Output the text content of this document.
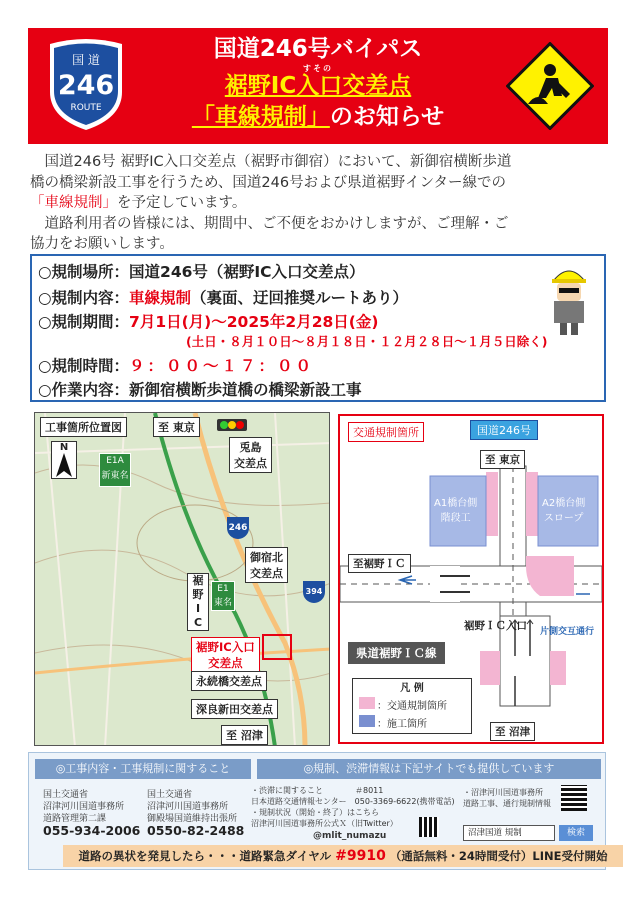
国 道
246
ROUTE
国道246号バイパス
すその
裾野IC入口交差点
「車線規制」のお知らせ

国道246号 裾野IC入口交差点（裾野市御宿）において、新御宿横断歩道

橋の橋梁新設工事を行うため、国道246号および県道裾野インター線での

「車線規制」を予定しています。

道路利用者の皆様には、期間中、ご不便をおかけしますが、ご理解・ご

協力をお願いします。

○規制場所：国道246号（裾野IC入口交差点）
○規制内容：車線規制（裏面、迂回推奨ルートあり）
○規制期間：7月1日(月)〜2025年2月28日(金)
(土日・８月１０日〜８月１８日・１２月２８日〜１月５日除く)
○規制時間：９：００〜１７：００
○作業内容：新御宿横断歩道橋の橋梁新設工事
工事箇所位置図	至 東京
N
E1A
新東名
兎島
交差点
246
御宿北
交差点
394
裾
野
I
C
E1
東名
裾野IC入口
交差点
永続橋交差点
深良新田交差点
至 沼津
交通規制箇所	国道246号
至 東京
A1橋台側
階段工
A2橋台側
スロープ
至裾野ＩＣ
裾野ＩＣ入口 片側交互通行
県道裾野ＩＣ線
凡 例
：交通規制箇所
：施工箇所
至 沼津
◎工事内容・工事規制に関すること	◎規制、渋滞情報は下記サイトでも提供しています
国土交通省
沼津河川国道事務所
道路管理第二課
055-934-2006
国土交通省
沼津河川国道事務所
御殿場国道維持出張所
0550-82-2488
・渋滞に関すること　　　　＃8011
日本道路交通情報センター　050-3369-6622(携帯電話)
・規制状況（開始・終了）はこちら
沼津河川国道事務所公式Ｘ（旧Twitter）
@mlit_numazu
・沼津河川国道事務所
道路工事、通行規制情報
沼津国道 規制	検索
道路の異状を発見したら・・・道路緊急ダイヤル #9910 （通話無料・24時間受付）LINE受付開始
